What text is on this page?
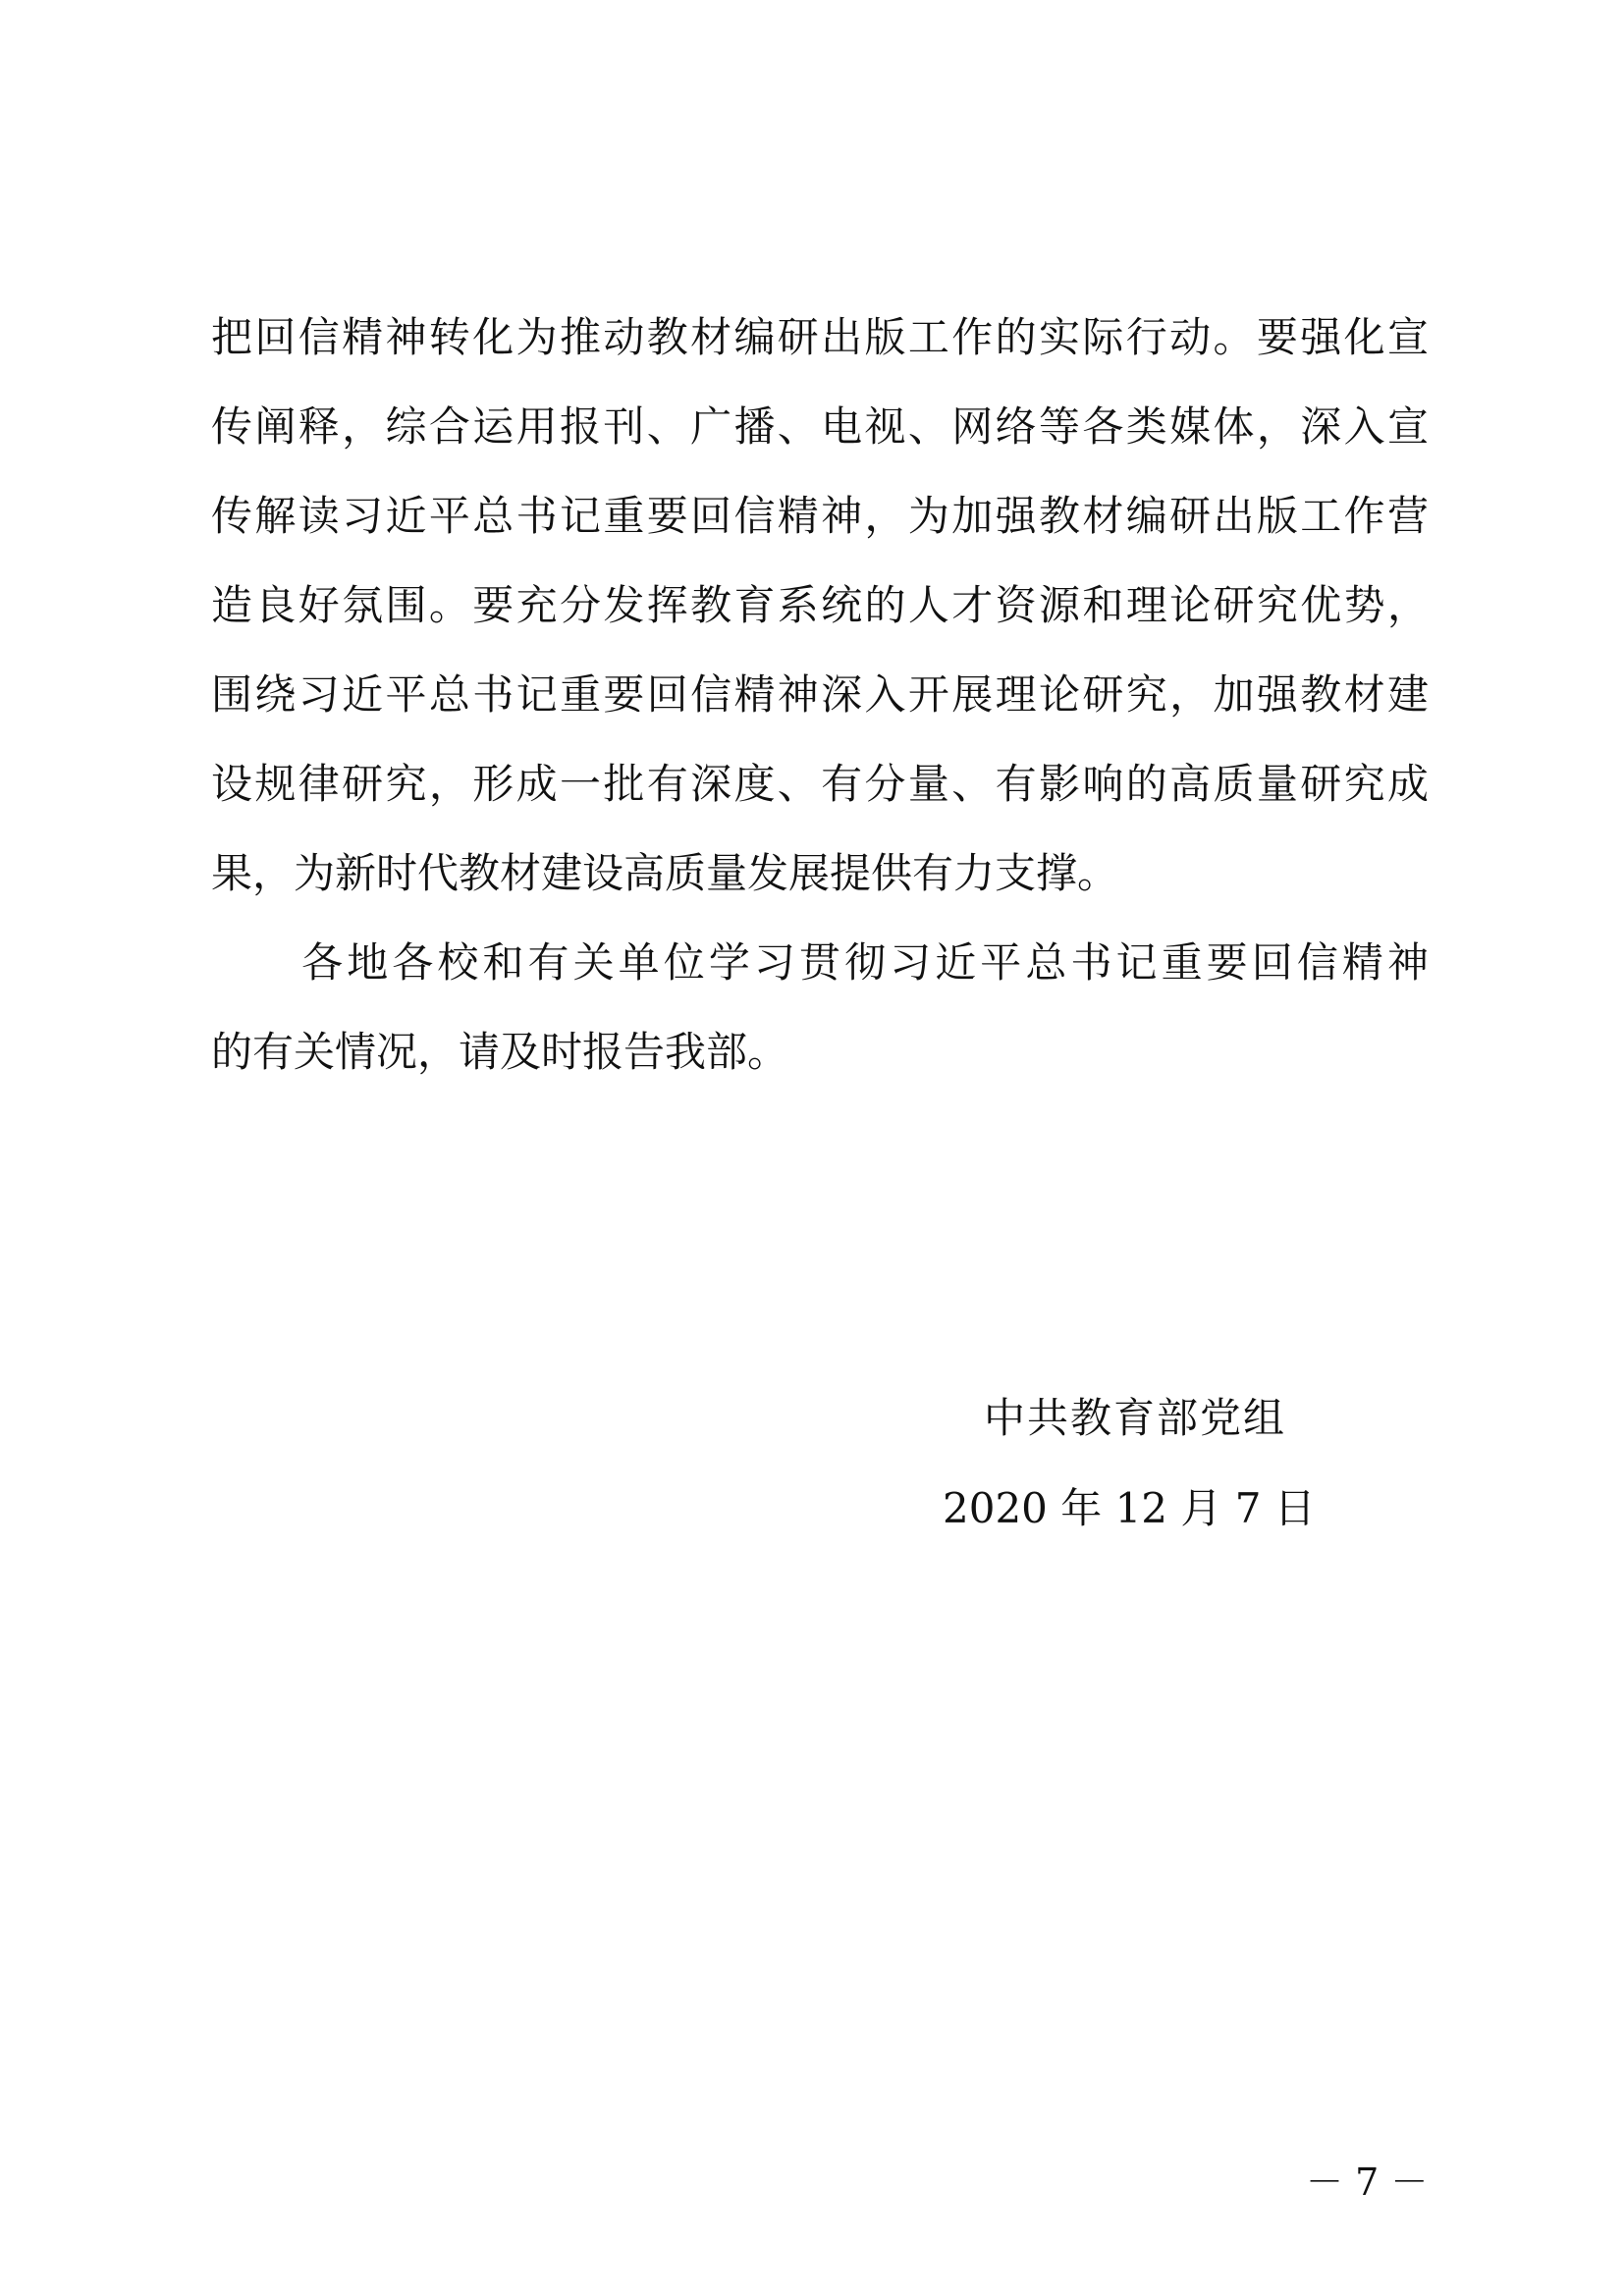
把回信精神转化为推动教材编研出版工作的实际行动。要强化宣
传阐释，综合运用报刊、广播、电视、网络等各类媒体，深入宣
传解读习近平总书记重要回信精神，为加强教材编研出版工作营
造良好氛围。要充分发挥教育系统的人才资源和理论研究优势，
围绕习近平总书记重要回信精神深入开展理论研究，加强教材建
设规律研究，形成一批有深度、有分量、有影响的高质量研究成
果，为新时代教材建设高质量发展提供有力支撑。
　　各地各校和有关单位学习贯彻习近平总书记重要回信精神
的有关情况，请及时报告我部。
中共教育部党组
2020 年 12 月 7 日
－ 7 －
